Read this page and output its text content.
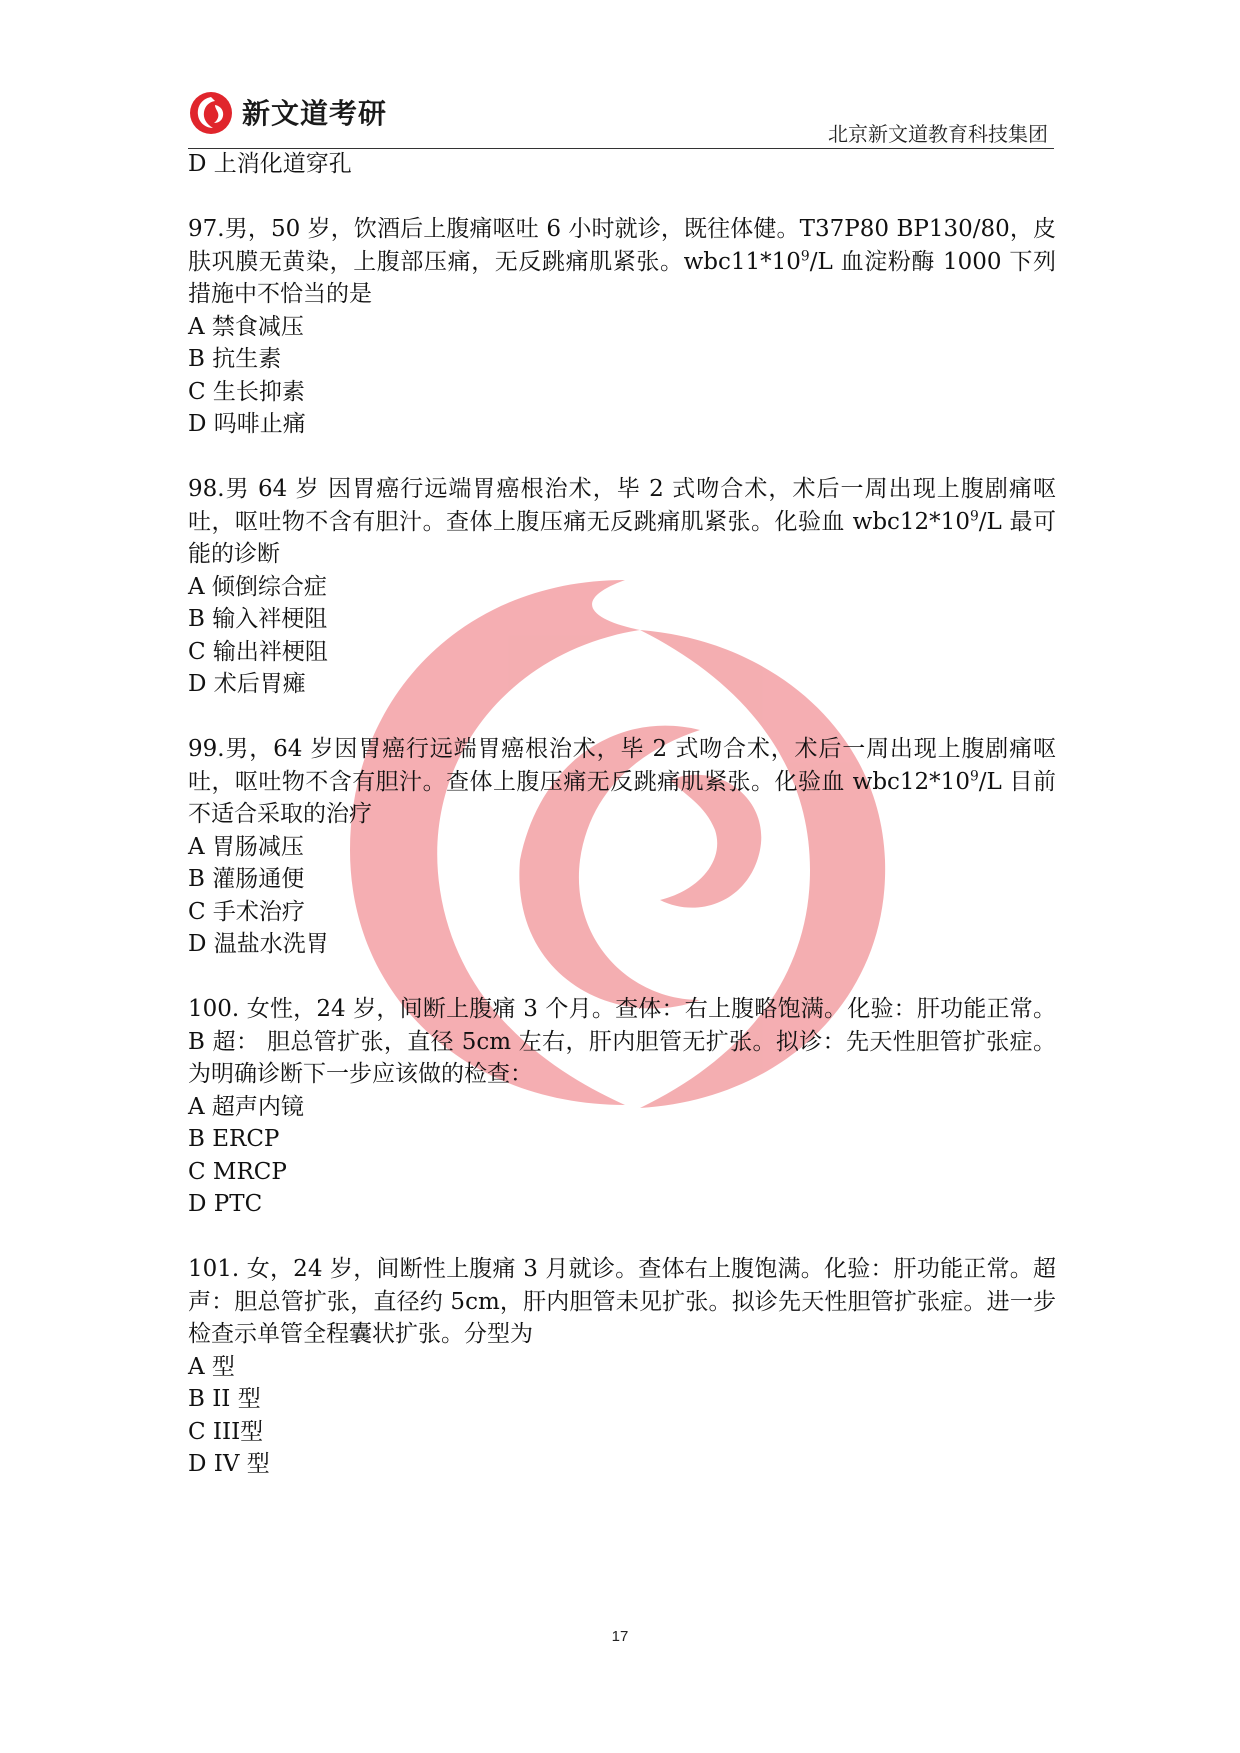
新文道考研
北京新文道教育科技集团

D 上消化道穿孔

97.男，50 岁，饮酒后上腹痛呕吐 6 小时就诊，既往体健。T37P80 BP130/80，皮肤巩膜无黄染，上腹部压痛，无反跳痛肌紧张。$wbc11*10^9/L$ 血淀粉酶 1000 下列措施中不恰当的是

A 禁食减压

B 抗生素

C 生长抑素

D 吗啡止痛

98.男 64 岁 因胃癌行远端胃癌根治术，毕 2 式吻合术，术后一周出现上腹剧痛呕吐，呕吐物不含有胆汁。查体上腹压痛无反跳痛肌紧张。化验血 $wbc12*10^9/L$ 最可能的诊断

A 倾倒综合症

B 输入袢梗阻

C 输出袢梗阻

D 术后胃瘫

99.男，64 岁因胃癌行远端胃癌根治术，毕 2 式吻合术，术后一周出现上腹剧痛呕吐，呕吐物不含有胆汁。查体上腹压痛无反跳痛肌紧张。化验血 $wbc12*10^9/L$ 目前不适合采取的治疗

A 胃肠减压

B 灌肠通便

C 手术治疗

D 温盐水洗胃

100. 女性，24 岁，间断上腹痛 3 个月。查体：右上腹略饱满。化验：肝功能正常。B 超： 胆总管扩张，直径 5cm 左右，肝内胆管无扩张。拟诊：先天性胆管扩张症。为明确诊断下一步应该做的检查：

A 超声内镜

B ERCP

C MRCP

D PTC

101. 女，24 岁，间断性上腹痛 3 月就诊。查体右上腹饱满。化验：肝功能正常。超声：胆总管扩张，直径约 5cm，肝内胆管未见扩张。拟诊先天性胆管扩张症。进一步检查示单管全程囊状扩张。分型为

A 型

B II 型

C III型

D IV 型

17
